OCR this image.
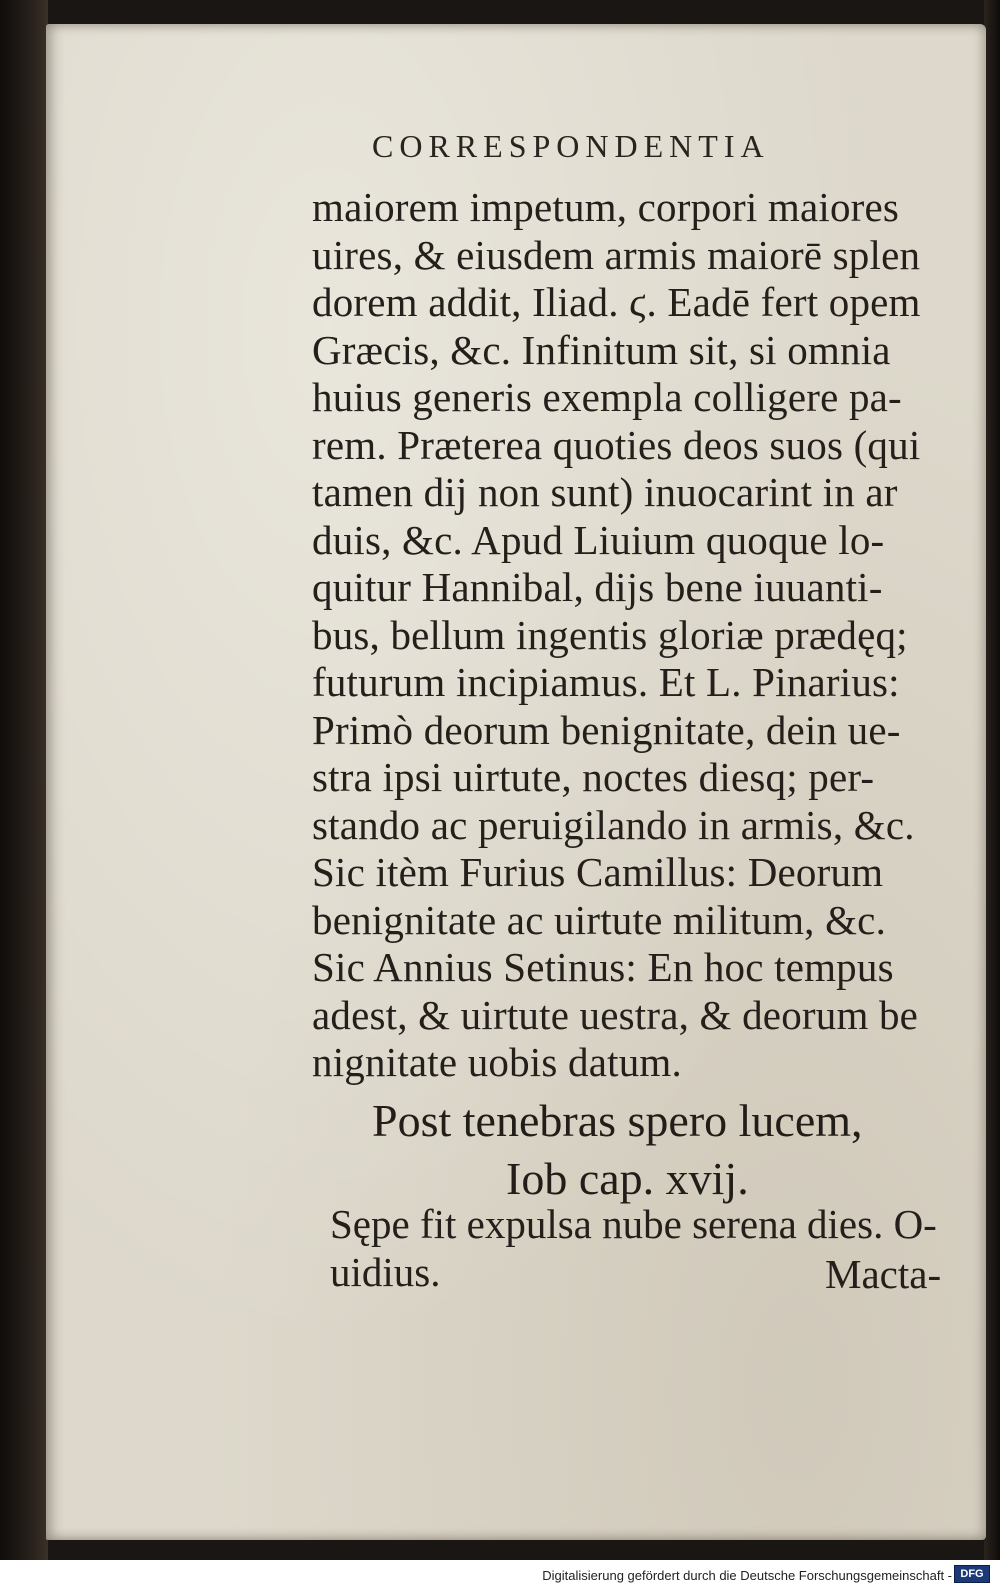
CORRESPONDENTIA
maiorem impetum, corpori maiores
uires, & eiusdem armis maiorē splen
dorem addit, Iliad. ϛ. Eadē fert opem
Græcis, &c. Infinitum sit, si omnia
huius generis exempla colligere pa-
rem. Præterea quoties deos suos (qui
tamen dij non sunt) inuocarint in ar
duis, &c. Apud Liuium quoque lo-
quitur Hannibal, dijs bene iuuanti-
bus, bellum ingentis gloriæ prædęq;
futurum incipiamus. Et L. Pinarius:
Primò deorum benignitate, dein ue-
stra ipsi uirtute, noctes diesq; per-
stando ac peruigilando in armis, &c.
Sic itèm Furius Camillus: Deorum
benignitate ac uirtute militum, &c.
Sic Annius Setinus: En hoc tempus
adest, & uirtute uestra, & deorum be
nignitate uobis datum.
Post tenebras spero lucem,
Iob cap. xvij.
Sępe fit expulsa nube serena dies. O-
uidius.	Macta-
Digitalisierung gefördert durch die Deutsche Forschungsgemeinschaft - DFG
